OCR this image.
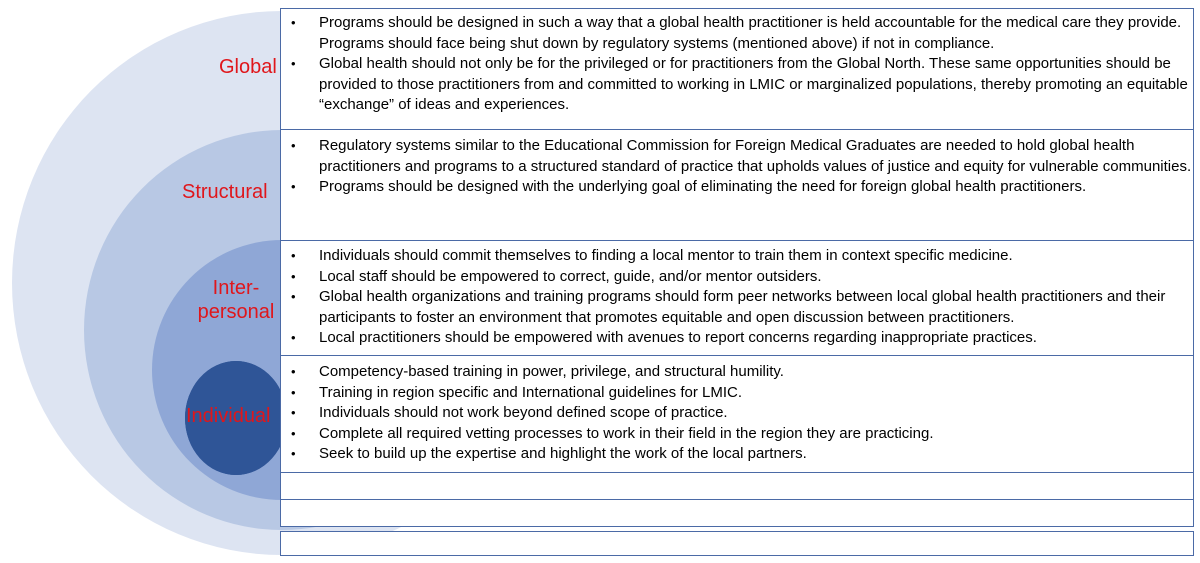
Global
Structural
Inter-
personal
Individual
• Programs should be designed in such a way that a global health practitioner is held accountable for the medical care they provide. Programs should face being shut down by regulatory systems (mentioned above) if not in compliance.
• Global health should not only be for the privileged or for practitioners from the Global North. These same opportunities should be provided to those practitioners from and committed to working in LMIC or marginalized populations, thereby promoting an equitable “exchange” of ideas and experiences.
• Regulatory systems similar to the Educational Commission for Foreign Medical Graduates are needed to hold global health practitioners and programs to a structured standard of practice that upholds values of justice and equity for vulnerable communities.
• Programs should be designed with the underlying goal of eliminating the need for foreign global health practitioners.
• Individuals should commit themselves to finding a local mentor to train them in context specific medicine.
• Local staff should be empowered to correct, guide, and/or mentor outsiders.
• Global health organizations and training programs should form peer networks between local global health practitioners and their participants to foster an environment that promotes equitable and open discussion between practitioners.
• Local practitioners should be empowered with avenues to report concerns regarding inappropriate practices.
• Competency-based training in power, privilege, and structural humility.
• Training in region specific and International guidelines for LMIC.
• Individuals should not work beyond defined scope of practice.
• Complete all required vetting processes to work in their field in the region they are practicing.
• Seek to build up the expertise and highlight the work of the local partners.
